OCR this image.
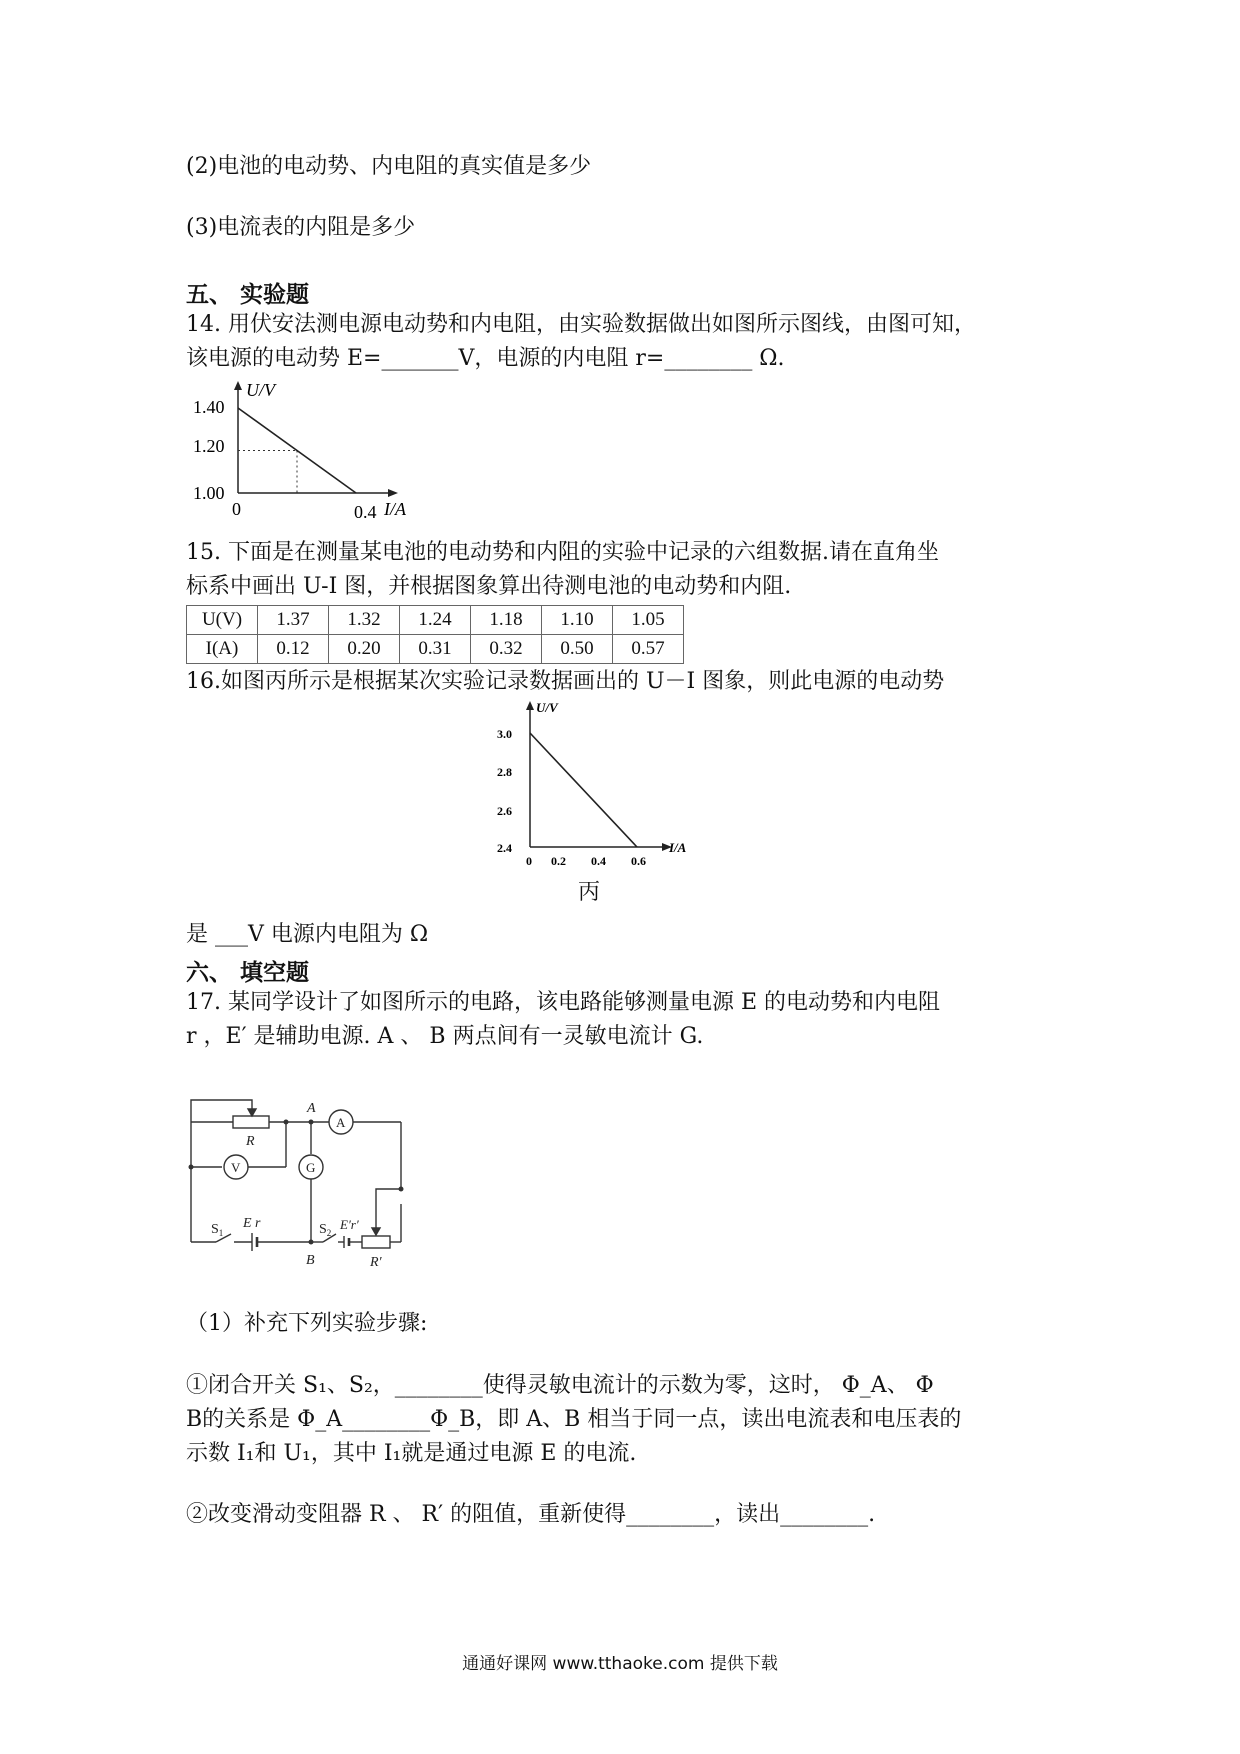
(2)电池的电动势、内电阻的真实值是多少
(3)电流表的内阻是多少
五、 实验题
14. 用伏安法测电源电动势和内电阻，由实验数据做出如图所示图线，由图可知，
该电源的电动势 E=_______V，电源的内电阻 r=________ Ω.
U/V
I/A
1.40
1.20
1.00
0	0.4
15. 下面是在测量某电池的电动势和内阻的实验中记录的六组数据.请在直角坐
标系中画出 U-I 图，并根据图象算出待测电池的电动势和内阻.
U(V)	1.37	1.32	1.24	1.18	1.10	1.05
I(A)	0.12	0.20	0.31	0.32	0.50	0.57
16.如图丙所示是根据某次实验记录数据画出的 U－I 图象，则此电源的电动势
U/V
I/A
3.0
2.8
2.6
2.4
0 0.2 0.4 0.6
丙
是 ___V 电源内电阻为 Ω
六、 填空题
17. 某同学设计了如图所示的电路，该电路能够测量电源 E 的电动势和内电阻
r ，E′ 是辅助电源. A 、 B 两点间有一灵敏电流计 G.
A
B
R
R′
E r	E′r′
$S_1$	$S_2$
A
V	G
（1）补充下列实验步骤:
①闭合开关 S₁、S₂，________使得灵敏电流计的示数为零，这时， Φ_A、 Φ
B的关系是 Φ_A________Φ_B，即 A、B 相当于同一点，读出电流表和电压表的
示数 I₁和 U₁，其中 I₁就是通过电源 E 的电流.
②改变滑动变阻器 R 、 R′ 的阻值，重新使得________，读出________.
通通好课网 www.tthaoke.com 提供下载
